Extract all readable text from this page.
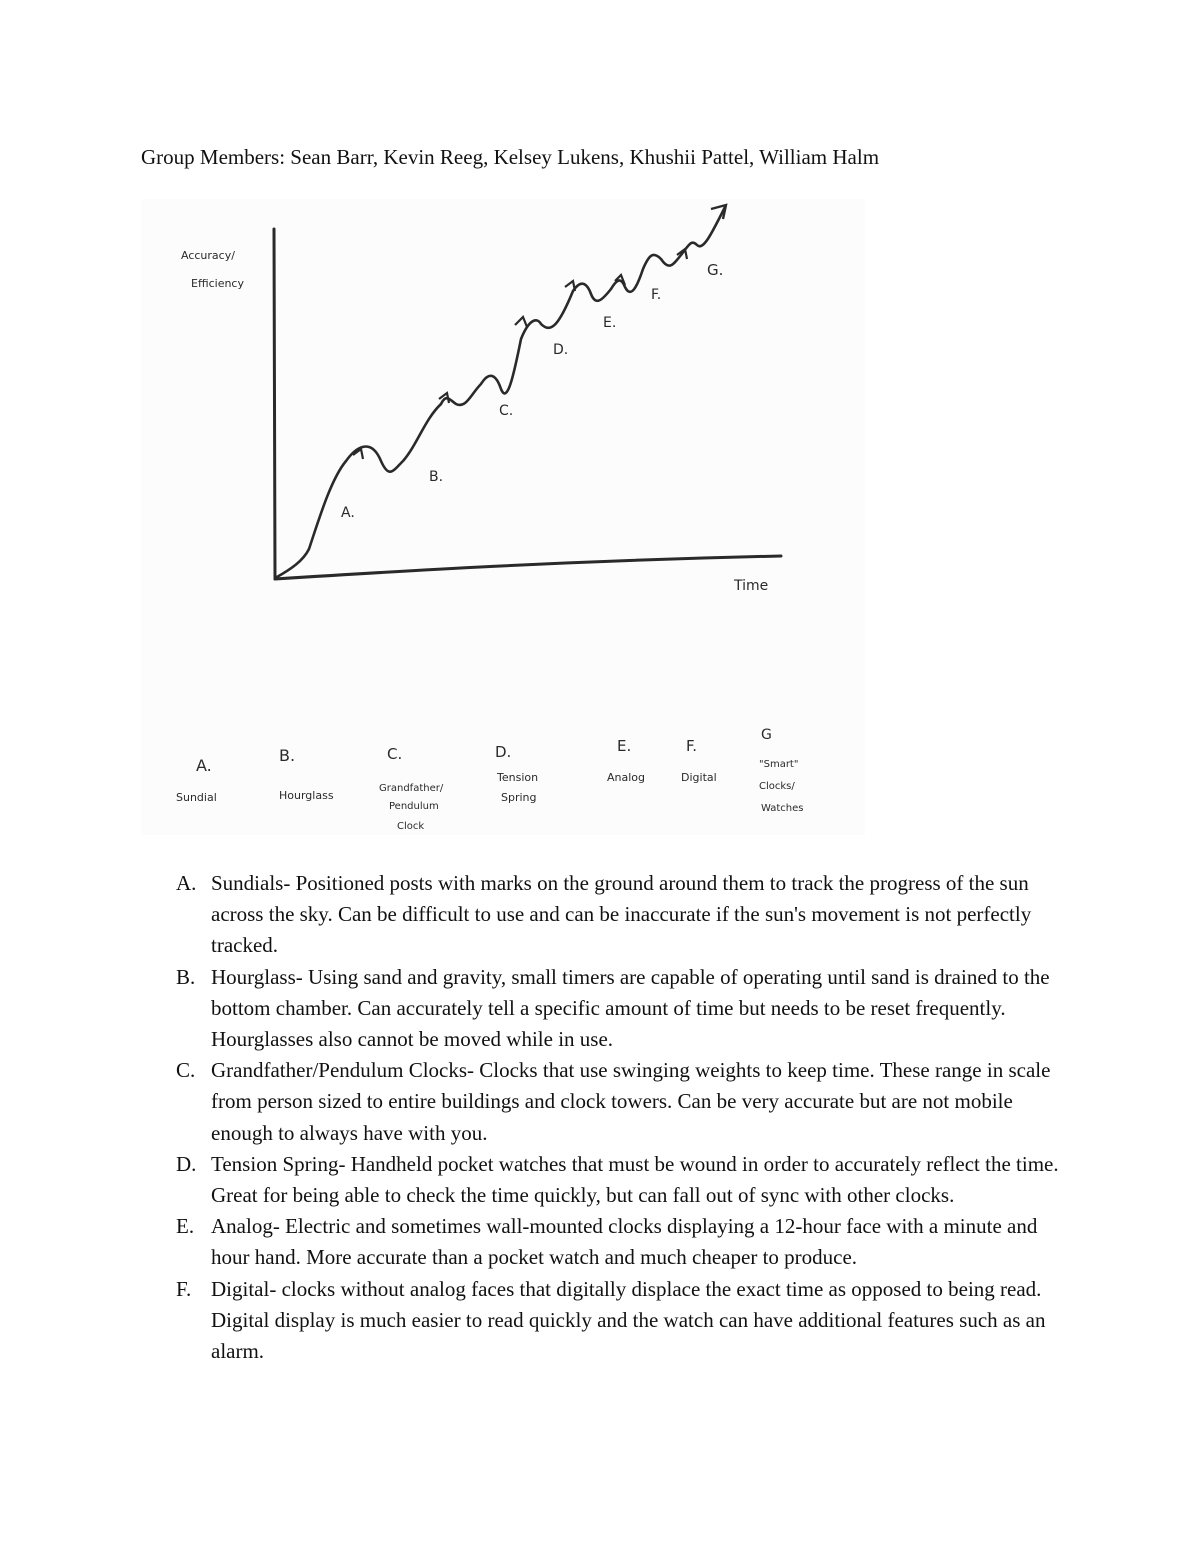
Group Members: Sean Barr, Kevin Reeg, Kelsey Lukens, Khushii Pattel, William Halm
Accuracy/
Efficiency
Time
A.
B.
C.
D.
E.
F.
G.
A.
B.	C.	D.	E.	F.
G
Sundial	Hourglass
Grandfather/
Pendulum
Clock
Tension
Spring
Analog	Digital
"Smart"
Clocks/
Watches
A. Sundials- Positioned posts with marks on the ground around them to track the progress of the sun across the sky. Can be difficult to use and can be inaccurate if the sun's movement is not perfectly tracked.
B. Hourglass- Using sand and gravity, small timers are capable of operating until sand is drained to the bottom chamber. Can accurately tell a specific amount of time but needs to be reset frequently. Hourglasses also cannot be moved while in use.
C. Grandfather/Pendulum Clocks- Clocks that use swinging weights to keep time. These range in scale from person sized to entire buildings and clock towers. Can be very accurate but are not mobile enough to always have with you.
D. Tension Spring- Handheld pocket watches that must be wound in order to accurately reflect the time. Great for being able to check the time quickly, but can fall out of sync with other clocks.
E. Analog- Electric and sometimes wall-mounted clocks displaying a 12-hour face with a minute and hour hand. More accurate than a pocket watch and much cheaper to produce.
F. Digital- clocks without analog faces that digitally displace the exact time as opposed to being read. Digital display is much easier to read quickly and the watch can have additional features such as an alarm.
